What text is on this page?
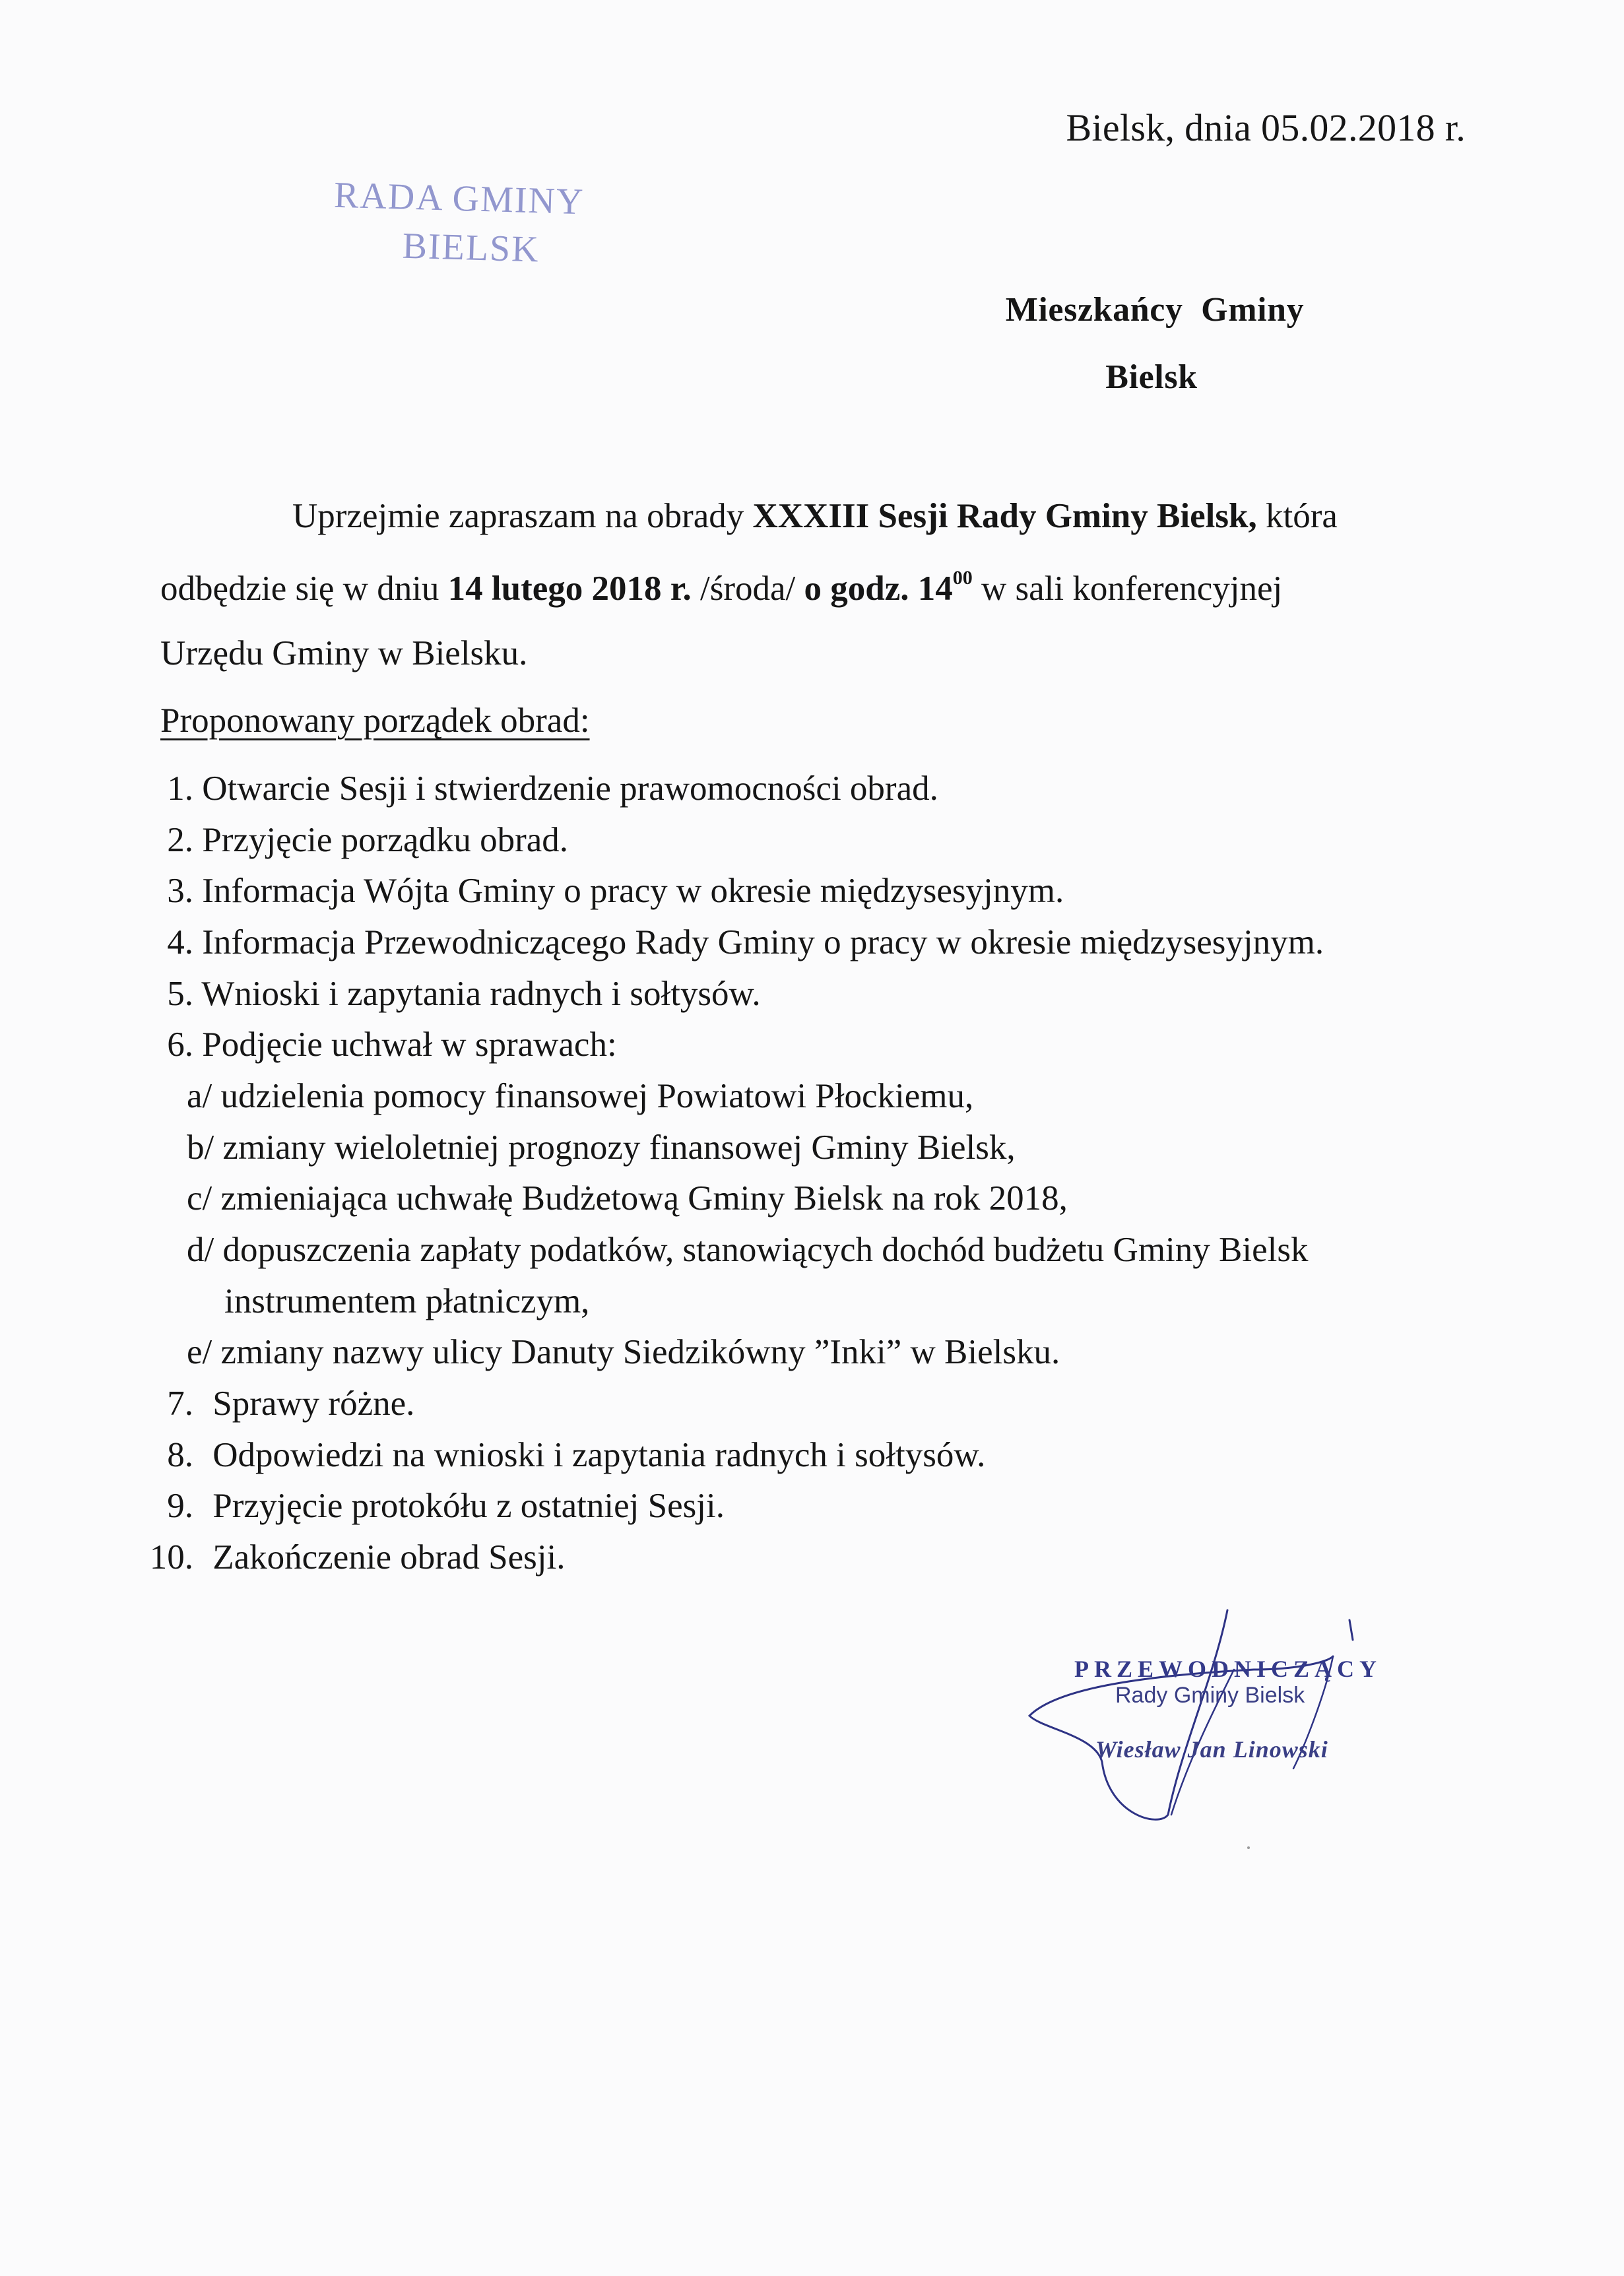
Bielsk, dnia 05.02.2018 r.
RADA GMINY
BIELSK
Mieszkańcy Gminy
Bielsk
Uprzejmie zapraszam na obrady XXXIII Sesji Rady Gminy Bielsk, która
odbędzie się w dniu 14 lutego 2018 r. /środa/ o godz. $14^{00}$ w sali konferencyjnej
Urzędu Gminy w Bielsku.
Proponowany porządek obrad:
1. Otwarcie Sesji i stwierdzenie prawomocności obrad.
2. Przyjęcie porządku obrad.
3. Informacja Wójta Gminy o pracy w okresie międzysesyjnym.
4. Informacja Przewodniczącego Rady Gminy o pracy w okresie międzysesyjnym.
5. Wnioski i zapytania radnych i sołtysów.
6. Podjęcie uchwał w sprawach:
a/ udzielenia pomocy finansowej Powiatowi Płockiemu,
b/ zmiany wieloletniej prognozy finansowej Gminy Bielsk,
c/ zmieniająca uchwałę Budżetową Gminy Bielsk na rok 2018,
d/ dopuszczenia zapłaty podatków, stanowiących dochód budżetu Gminy Bielsk
instrumentem płatniczym,
e/ zmiany nazwy ulicy Danuty Siedzikówny ”Inki” w Bielsku.
7. Sprawy różne.
8. Odpowiedzi na wnioski i zapytania radnych i sołtysów.
9. Przyjęcie protokółu z ostatniej Sesji.
10. Zakończenie obrad Sesji.
PRZEWODNICZĄCY
Rady Gminy Bielsk
Wiesław Jan Linowski
